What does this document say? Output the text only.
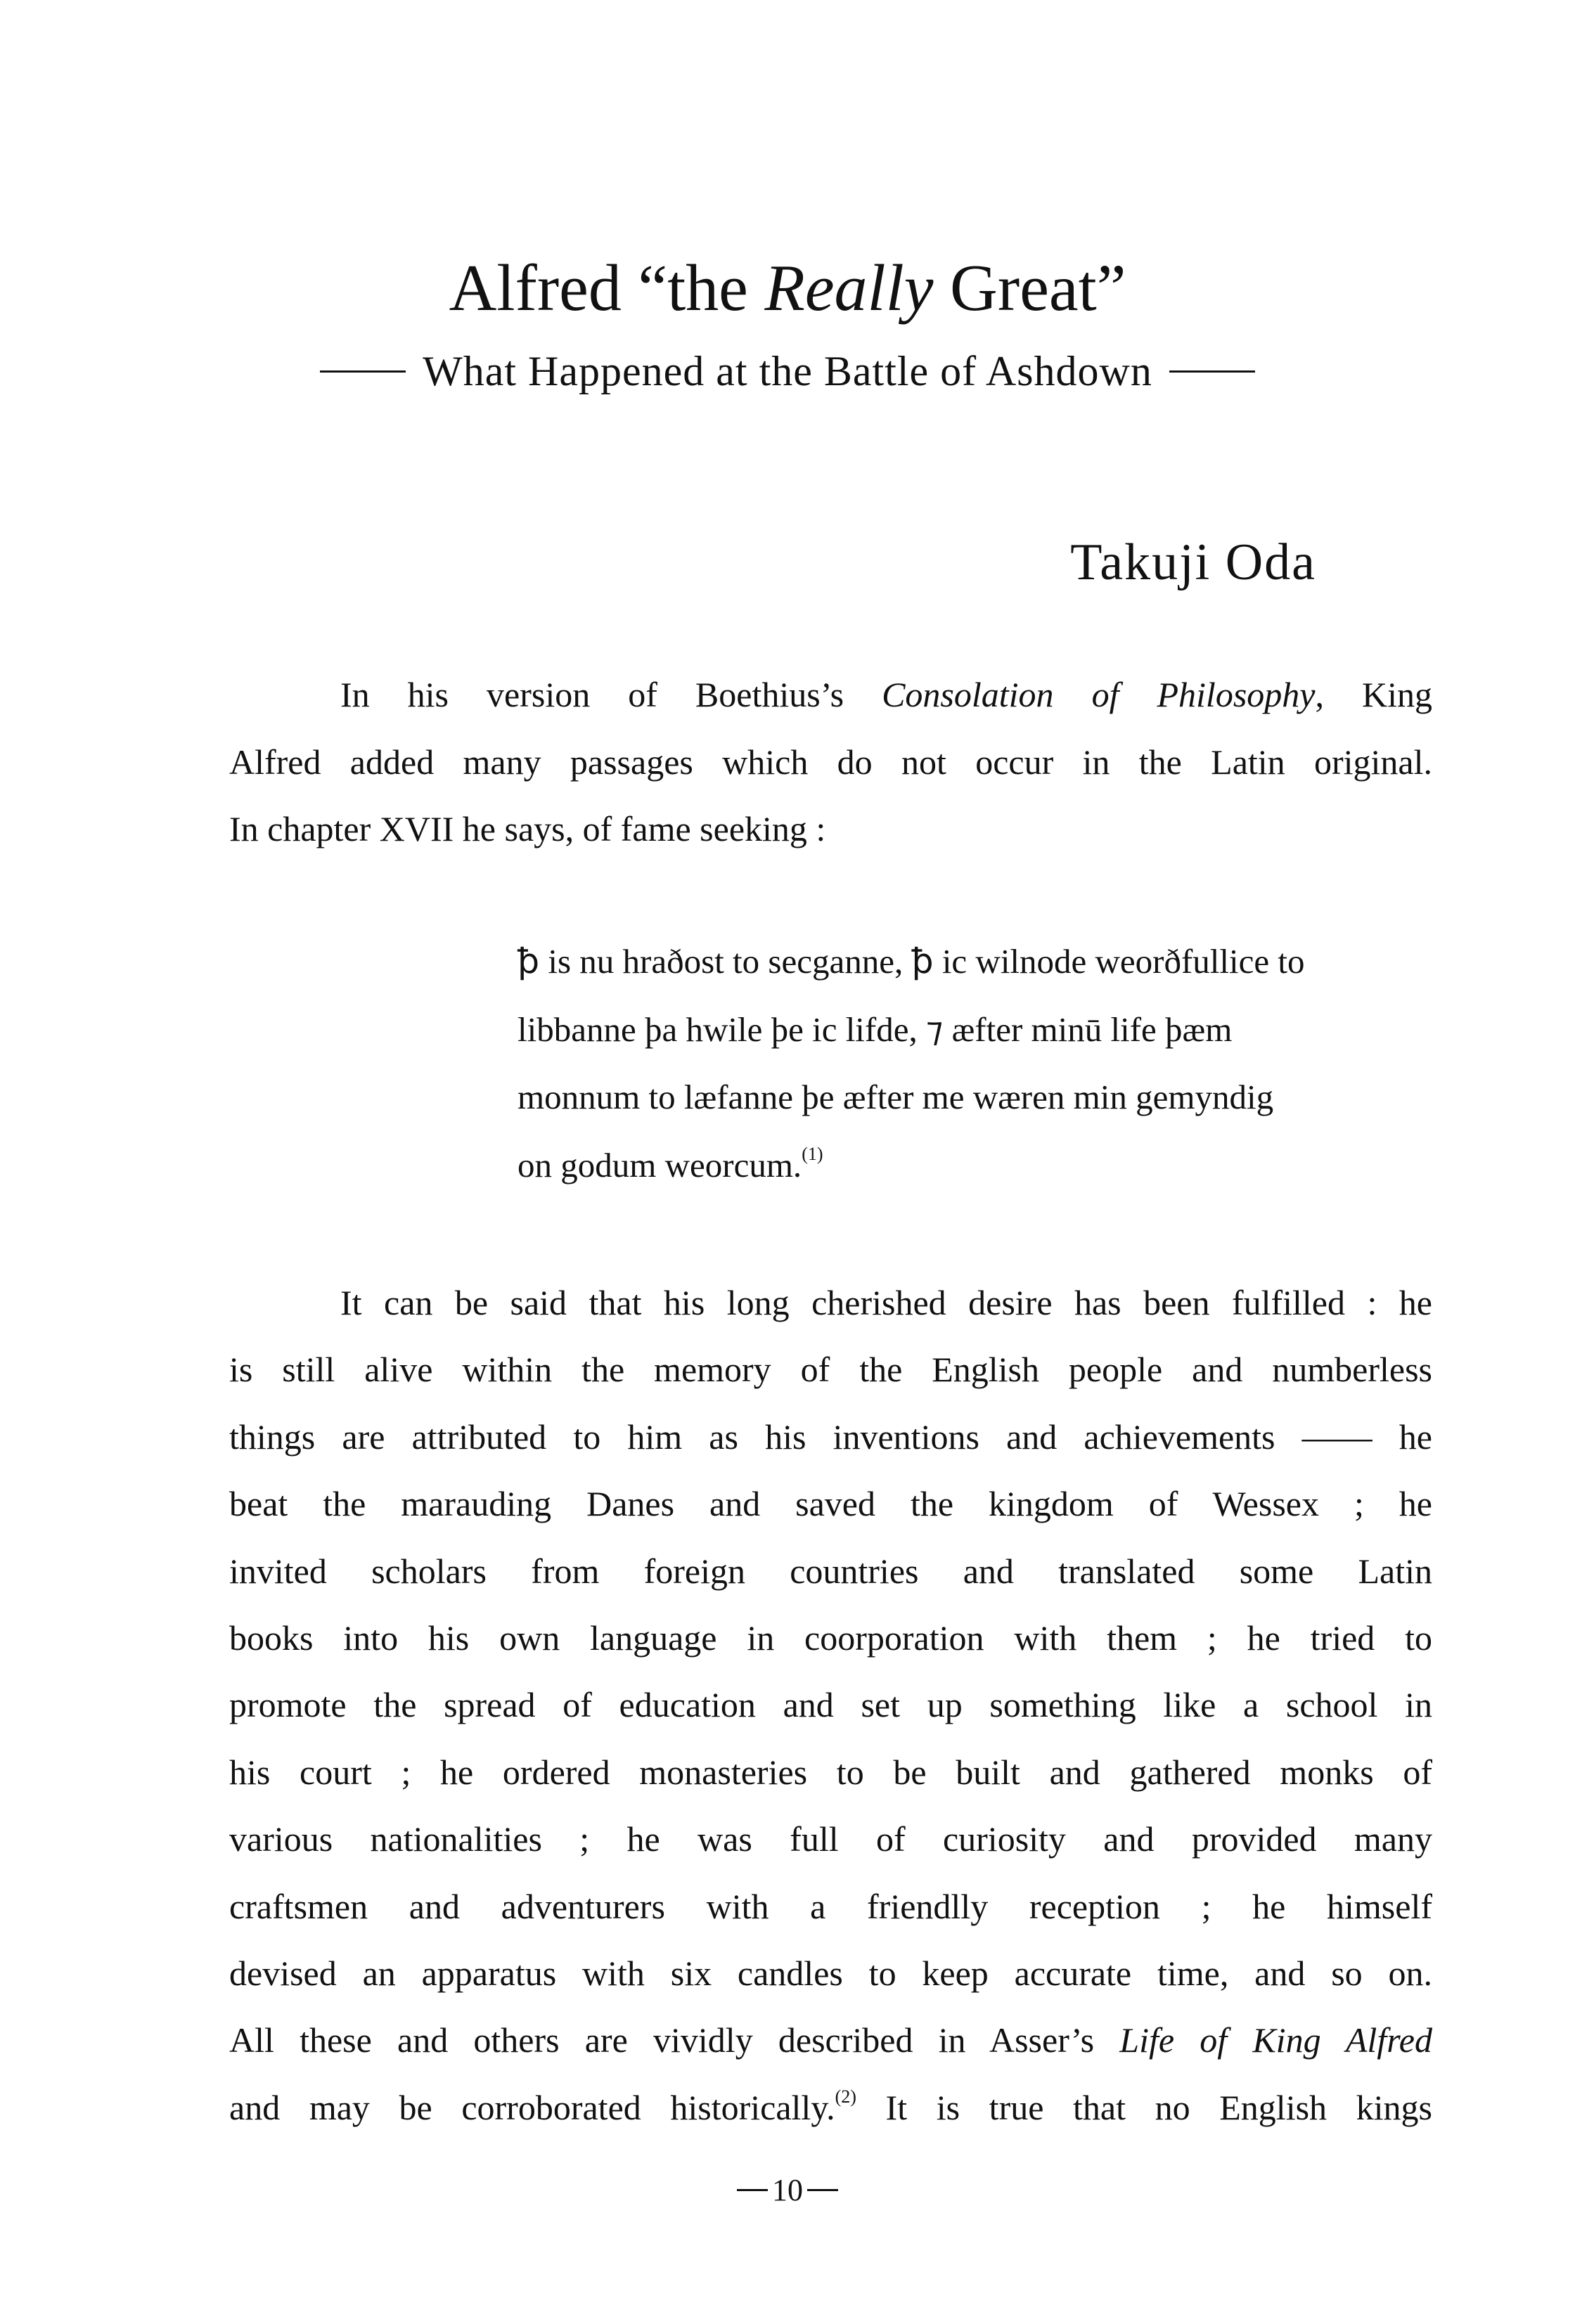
Alfred “the Really Great”
What Happened at the Battle of Ashdown
Takuji Oda
In his version of Boethius’s Consolation of Philosophy, King
Alfred added many passages which do not occur in the Latin original.
In chapter XVII he says, of fame seeking :
ꝥ is nu hraðost to secganne, ꝥ ic wilnode weorðfullice to
libbanne þa hwile þe ic lifde, ⁊ æfter minū life þæm
monnum to læfanne þe æfter me wæren min gemyndig
on godum weorcum.$^{(1)}$
It can be said that his long cherished desire has been fulfilled : he
is still alive within the memory of the English people and numberless
things are attributed to him as his inventions and achievements —— he
beat the marauding Danes and saved the kingdom of Wessex ; he
invited scholars from foreign countries and translated some Latin
books into his own language in coorporation with them ; he tried to
promote the spread of education and set up something like a school in
his court ; he ordered monasteries to be built and gathered monks of
various nationalities ; he was full of curiosity and provided many
craftsmen and adventurers with a friendlly reception ; he himself
devised an apparatus with six candles to keep accurate time, and so on.
All these and others are vividly described in Asser’s Life of King Alfred
and may be corroborated historically.$^{(2)}$ It is true that no English kings
10
